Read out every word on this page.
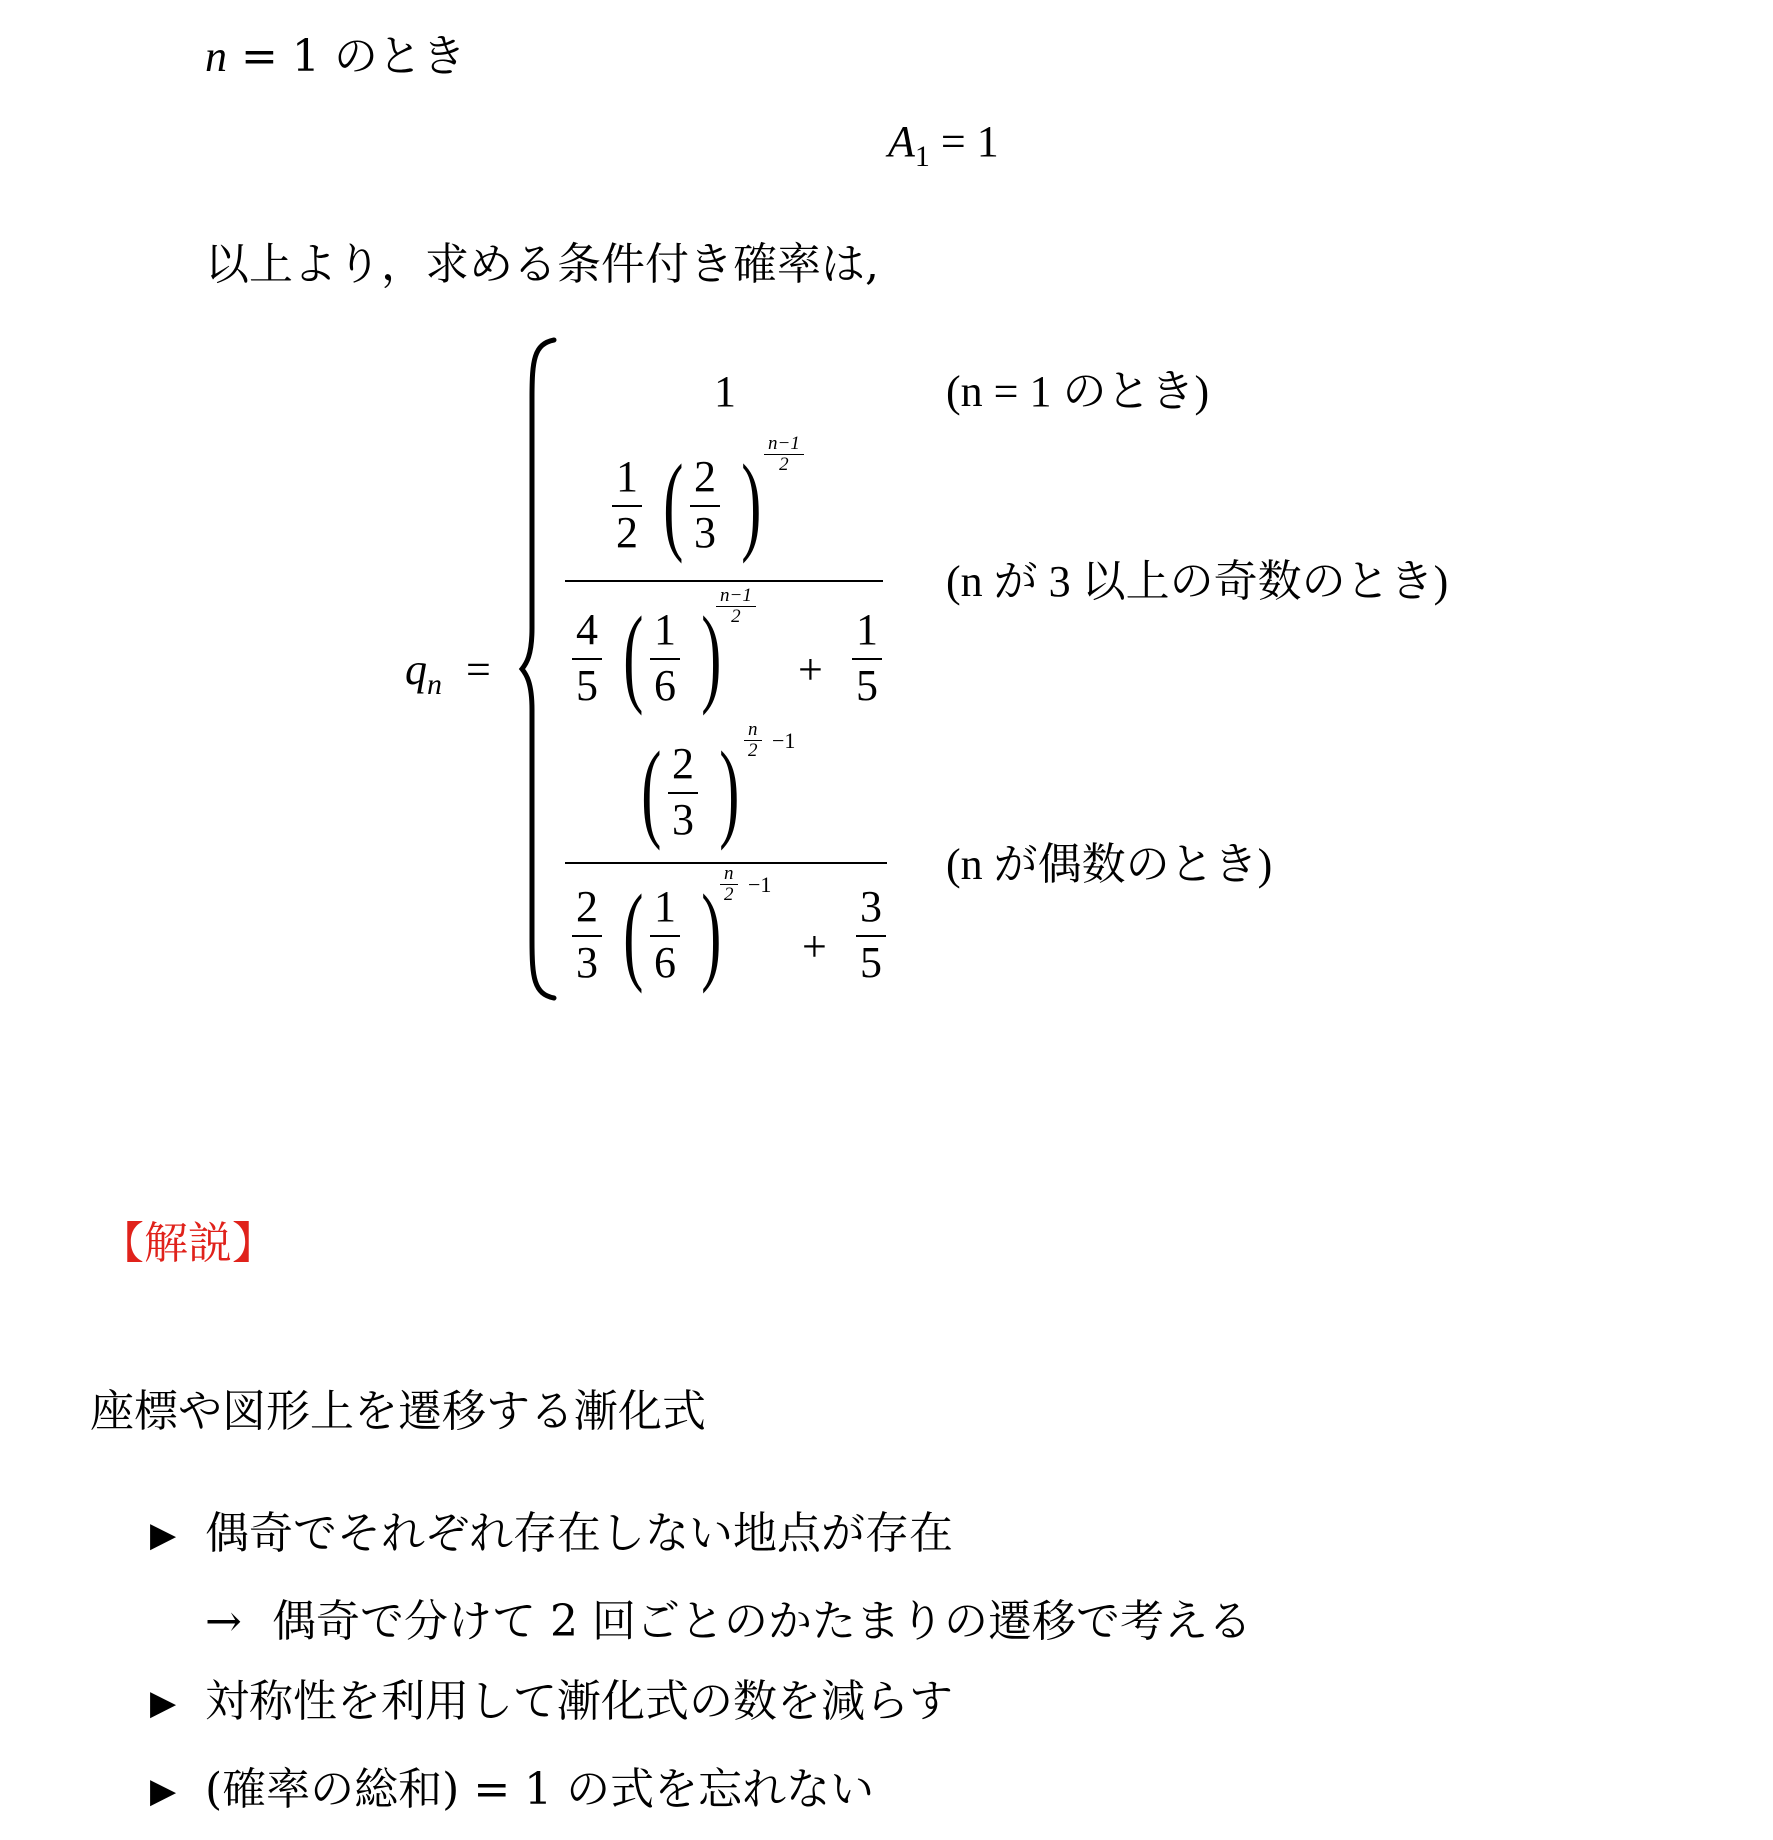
n = 1 のとき
$A_1 = 1$
以上より，求める条件付き確率は,
$q_n$ =
1	(n = 1 のとき)
1
2 ( 2
3 ) n−1
2
4
5 ( 1
6 )
n−1
2
+
1
5
(n が 3 以上の奇数のとき)
( 2
3 ) n
2 −1
2
3 ( 1
6 ) n
2 −1
+
3
5
(n が偶数のとき)
【解説】
座標や図形上を遷移する漸化式
▶ 偶奇でそれぞれ存在しない地点が存在
→ 偶奇で分けて 2 回ごとのかたまりの遷移で考える
▶ 対称性を利用して漸化式の数を減らす
▶ (確率の総和) = 1 の式を忘れない
